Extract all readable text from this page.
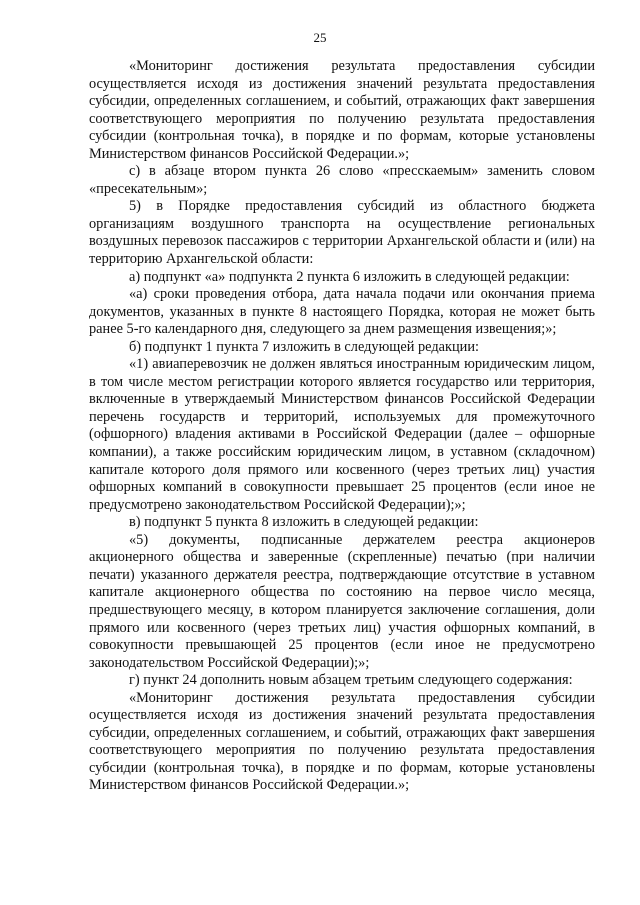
25

«Мониторинг достижения результата предоставления субсидии осуществляется исходя из достижения значений результата предоставления субсидии, определенных соглашением, и событий, отражающих факт завершения соответствующего мероприятия по получению результата предоставления субсидии (контрольная точка), в порядке и по формам, которые установлены Министерством финансов Российской Федерации.»;

с) в абзаце втором пункта 26 слово «пресскаемым» заменить словом «пресекательным»;

5) в Порядке предоставления субсидий из областного бюджета организациям воздушного транспорта на осуществление региональных воздушных перевозок пассажиров с территории Архангельской области и (или) на территорию Архангельской области:

а) подпункт «а» подпункта 2 пункта 6 изложить в следующей редакции:

«а) сроки проведения отбора, дата начала подачи или окончания приема документов, указанных в пункте 8 настоящего Порядка, которая не может быть ранее 5-го календарного дня, следующего за днем размещения извещения;»;

б) подпункт 1 пункта 7 изложить в следующей редакции:

«1) авиаперевозчик не должен являться иностранным юридическим лицом, в том числе местом регистрации которого является государство или территория, включенные в утверждаемый Министерством финансов Российской Федерации перечень государств и территорий, используемых для промежуточного (офшорного) владения активами в Российской Федерации (далее – офшорные компании), а также российским юридическим лицом, в уставном (складочном) капитале которого доля прямого или косвенного (через третьих лиц) участия офшорных компаний в совокупности превышает 25 процентов (если иное не предусмотрено законодательством Российской Федерации);»;

в) подпункт 5 пункта 8 изложить в следующей редакции:

«5) документы, подписанные держателем реестра акционеров акционерного общества и заверенные (скрепленные) печатью (при наличии печати) указанного держателя реестра, подтверждающие отсутствие в уставном капитале акционерного общества по состоянию на первое число месяца, предшествующего месяцу, в котором планируется заключение соглашения, доли прямого или косвенного (через третьих лиц) участия офшорных компаний, в совокупности превышающей 25 процентов (если иное не предусмотрено законодательством Российской Федерации);»;

г) пункт 24 дополнить новым абзацем третьим следующего содержания:

«Мониторинг достижения результата предоставления субсидии осуществляется исходя из достижения значений результата предоставления субсидии, определенных соглашением, и событий, отражающих факт завершения соответствующего мероприятия по получению результата предоставления субсидии (контрольная точка), в порядке и по формам, которые установлены Министерством финансов Российской Федерации.»;
